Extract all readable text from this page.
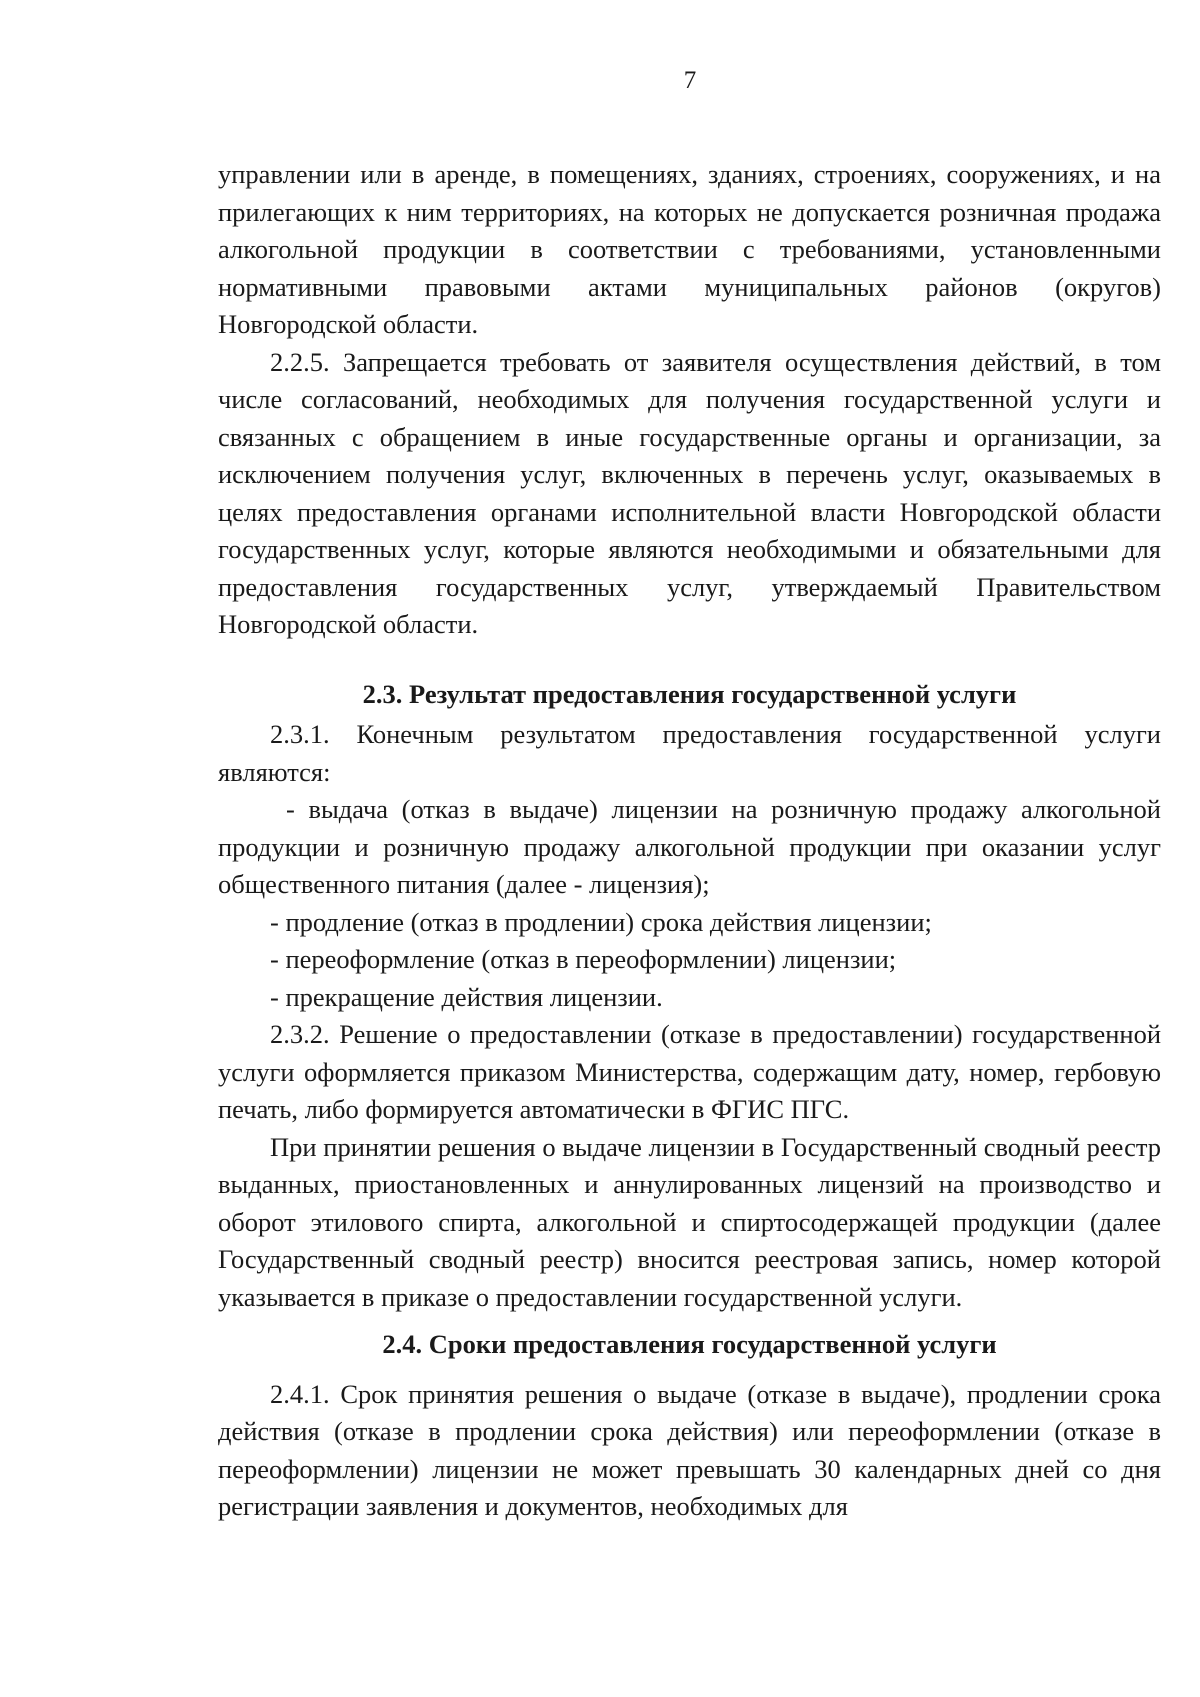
7

управлении или в аренде, в помещениях, зданиях, строениях, сооружениях, и на прилегающих к ним территориях, на которых не допускается розничная продажа алкогольной продукции в соответствии с требованиями, установленными нормативными правовыми актами муниципальных районов (округов) Новгородской области.

2.2.5. Запрещается требовать от заявителя осуществления действий, в том числе согласований, необходимых для получения государственной услуги и связанных с обращением в иные государственные органы и организации, за исключением получения услуг, включенных в перечень услуг, оказываемых в целях предоставления органами исполнительной власти Новгородской области государственных услуг, которые являются необходимыми и обязательными для предоставления государственных услуг, утверждаемый Правительством Новгородской области.

2.3. Результат предоставления государственной услуги

2.3.1. Конечным результатом предоставления государственной услуги являются:

- выдача (отказ в выдаче) лицензии на розничную продажу алкогольной продукции и розничную продажу алкогольной продукции при оказании услуг общественного питания (далее - лицензия);

- продление (отказ в продлении) срока действия лицензии;

- переоформление (отказ в переоформлении) лицензии;

- прекращение действия лицензии.

2.3.2. Решение о предоставлении (отказе в предоставлении) государственной услуги оформляется приказом Министерства, содержащим дату, номер, гербовую печать, либо формируется автоматически в ФГИС ПГС.

При принятии решения о выдаче лицензии в Государственный сводный реестр выданных, приостановленных и аннулированных лицензий на производство и оборот этилового спирта, алкогольной и спиртосодержащей продукции (далее Государственный сводный реестр) вносится реестровая запись, номер которой указывается в приказе о предоставлении государственной услуги.

2.4. Сроки предоставления государственной услуги

2.4.1. Срок принятия решения о выдаче (отказе в выдаче), продлении срока действия (отказе в продлении срока действия) или переоформлении (отказе в переоформлении) лицензии не может превышать 30 календарных дней со дня регистрации заявления и документов, необходимых для
